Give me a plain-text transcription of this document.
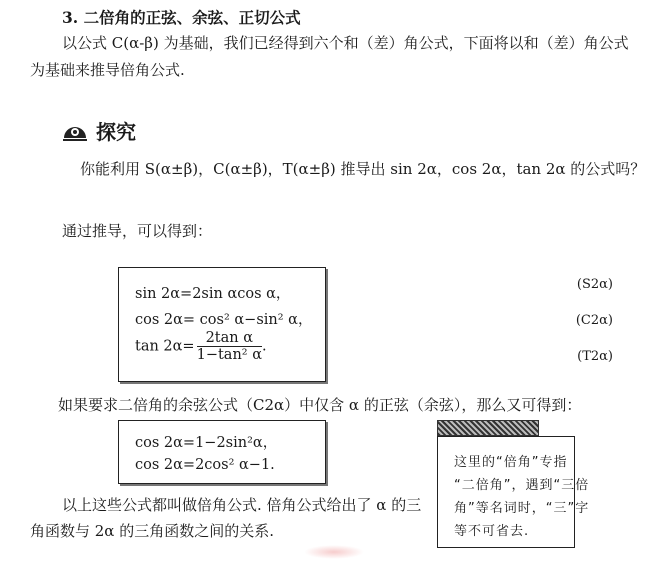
3. 二倍角的正弦、余弦、正切公式
以公式 C(α-β) 为基础，我们已经得到六个和（差）角公式，下面将以和（差）角公式
为基础来推导倍角公式.
探究
你能利用 S(α±β)，C(α±β)，T(α±β) 推导出 sin 2α，cos 2α，tan 2α 的公式吗？
通过推导，可以得到：
sin 2α=2sin αcos α，
cos 2α= cos² α−sin² α，
$\tan 2\alpha= \frac{\text{2tan α}}{\text{1−tan² α}}$ .
(S2α)
(C2α)
(T2α)
如果要求二倍角的余弦公式（C2α）中仅含 α 的正弦（余弦），那么又可得到：
cos 2α=1−2sin²α，
cos 2α=2cos² α−1.
以上这些公式都叫做倍角公式. 倍角公式给出了 α 的三
角函数与 2α 的三角函数之间的关系.
这里的“倍角”专指
“二倍角”，遇到“三倍
角”等名词时，“三”字
等不可省去.
